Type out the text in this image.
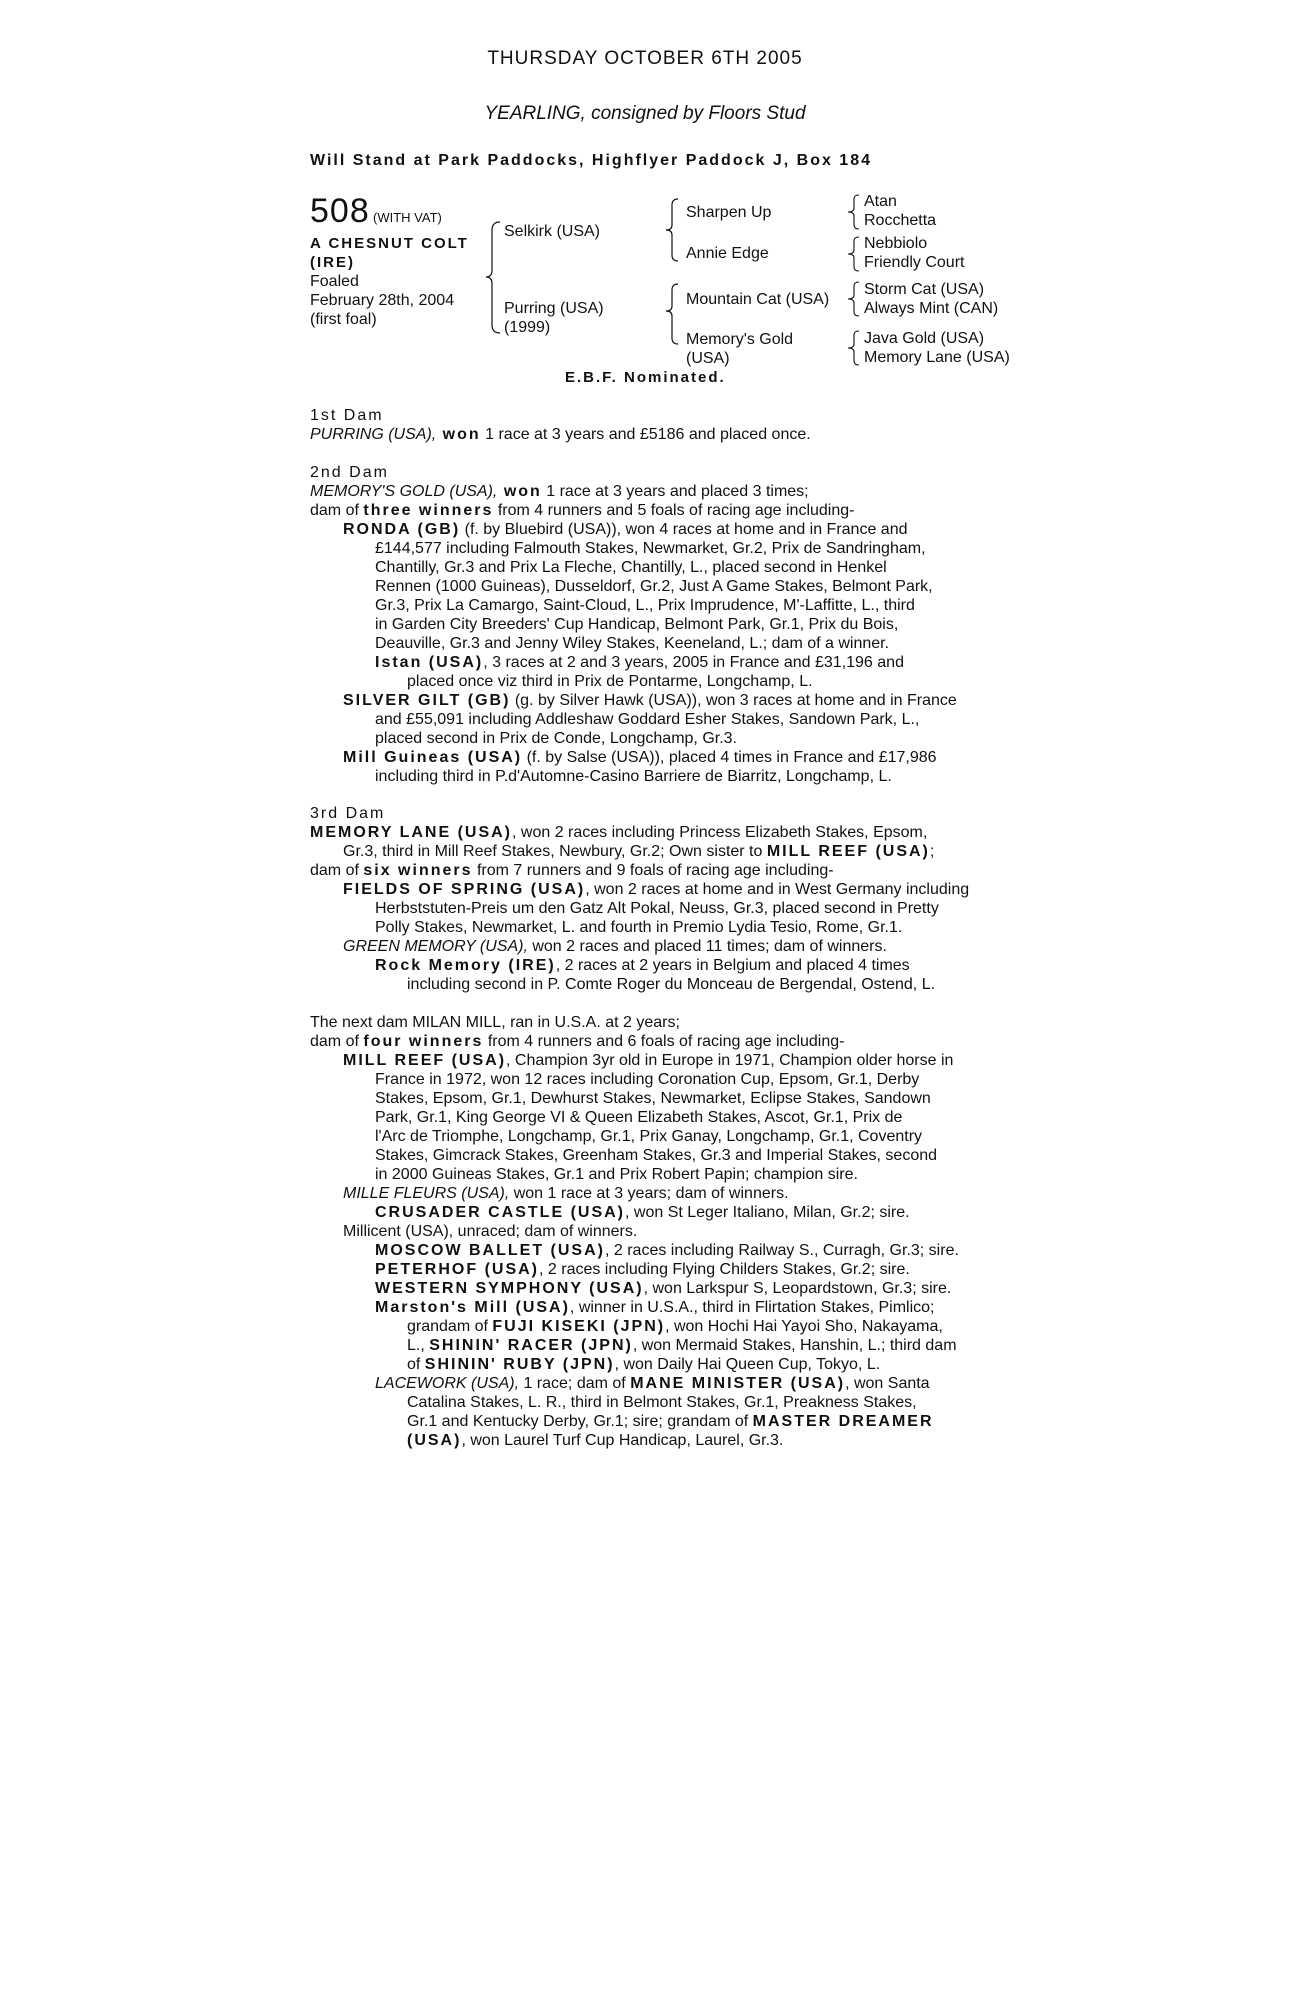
THURSDAY OCTOBER 6TH 2005
YEARLING, consigned by Floors Stud
Will Stand at Park Paddocks, Highflyer Paddock J, Box 184
508 (WITH VAT)
A CHESNUT COLT
(IRE)
Foaled
February 28th, 2004
(first foal)
Selkirk (USA)
Purring (USA)
(1999)
Sharpen Up
Annie Edge
Mountain Cat (USA)
Memory's Gold
(USA)
Atan
Rocchetta
Nebbiolo
Friendly Court
Storm Cat (USA)
Always Mint (CAN)
Java Gold (USA)
Memory Lane (USA)
E.B.F. Nominated.
1st Dam
PURRING (USA), won 1 race at 3 years and £5186 and placed once.
2nd Dam
MEMORY'S GOLD (USA), won 1 race at 3 years and placed 3 times;
dam of three winners from 4 runners and 5 foals of racing age including-
RONDA (GB) (f. by Bluebird (USA)), won 4 races at home and in France and
£144,577 including Falmouth Stakes, Newmarket, Gr.2, Prix de Sandringham,
Chantilly, Gr.3 and Prix La Fleche, Chantilly, L., placed second in Henkel
Rennen (1000 Guineas), Dusseldorf, Gr.2, Just A Game Stakes, Belmont Park,
Gr.3, Prix La Camargo, Saint-Cloud, L., Prix Imprudence, M'-Laffitte, L., third
in Garden City Breeders' Cup Handicap, Belmont Park, Gr.1, Prix du Bois,
Deauville, Gr.3 and Jenny Wiley Stakes, Keeneland, L.; dam of a winner.
Istan (USA), 3 races at 2 and 3 years, 2005 in France and £31,196 and
placed once viz third in Prix de Pontarme, Longchamp, L.
SILVER GILT (GB) (g. by Silver Hawk (USA)), won 3 races at home and in France
and £55,091 including Addleshaw Goddard Esher Stakes, Sandown Park, L.,
placed second in Prix de Conde, Longchamp, Gr.3.
Mill Guineas (USA) (f. by Salse (USA)), placed 4 times in France and £17,986
including third in P.d'Automne-Casino Barriere de Biarritz, Longchamp, L.
3rd Dam
MEMORY LANE (USA), won 2 races including Princess Elizabeth Stakes, Epsom,
Gr.3, third in Mill Reef Stakes, Newbury, Gr.2; Own sister to MILL REEF (USA);
dam of six winners from 7 runners and 9 foals of racing age including-
FIELDS OF SPRING (USA), won 2 races at home and in West Germany including
Herbststuten-Preis um den Gatz Alt Pokal, Neuss, Gr.3, placed second in Pretty
Polly Stakes, Newmarket, L. and fourth in Premio Lydia Tesio, Rome, Gr.1.
GREEN MEMORY (USA), won 2 races and placed 11 times; dam of winners.
Rock Memory (IRE), 2 races at 2 years in Belgium and placed 4 times
including second in P. Comte Roger du Monceau de Bergendal, Ostend, L.
The next dam MILAN MILL, ran in U.S.A. at 2 years;
dam of four winners from 4 runners and 6 foals of racing age including-
MILL REEF (USA), Champion 3yr old in Europe in 1971, Champion older horse in
France in 1972, won 12 races including Coronation Cup, Epsom, Gr.1, Derby
Stakes, Epsom, Gr.1, Dewhurst Stakes, Newmarket, Eclipse Stakes, Sandown
Park, Gr.1, King George VI & Queen Elizabeth Stakes, Ascot, Gr.1, Prix de
l'Arc de Triomphe, Longchamp, Gr.1, Prix Ganay, Longchamp, Gr.1, Coventry
Stakes, Gimcrack Stakes, Greenham Stakes, Gr.3 and Imperial Stakes, second
in 2000 Guineas Stakes, Gr.1 and Prix Robert Papin; champion sire.
MILLE FLEURS (USA), won 1 race at 3 years; dam of winners.
CRUSADER CASTLE (USA), won St Leger Italiano, Milan, Gr.2; sire.
Millicent (USA), unraced; dam of winners.
MOSCOW BALLET (USA), 2 races including Railway S., Curragh, Gr.3; sire.
PETERHOF (USA), 2 races including Flying Childers Stakes, Gr.2; sire.
WESTERN SYMPHONY (USA), won Larkspur S, Leopardstown, Gr.3; sire.
Marston's Mill (USA), winner in U.S.A., third in Flirtation Stakes, Pimlico;
grandam of FUJI KISEKI (JPN), won Hochi Hai Yayoi Sho, Nakayama,
L., SHININ' RACER (JPN), won Mermaid Stakes, Hanshin, L.; third dam
of SHININ' RUBY (JPN), won Daily Hai Queen Cup, Tokyo, L.
LACEWORK (USA), 1 race; dam of MANE MINISTER (USA), won Santa
Catalina Stakes, L. R., third in Belmont Stakes, Gr.1, Preakness Stakes,
Gr.1 and Kentucky Derby, Gr.1; sire; grandam of MASTER DREAMER
(USA), won Laurel Turf Cup Handicap, Laurel, Gr.3.
